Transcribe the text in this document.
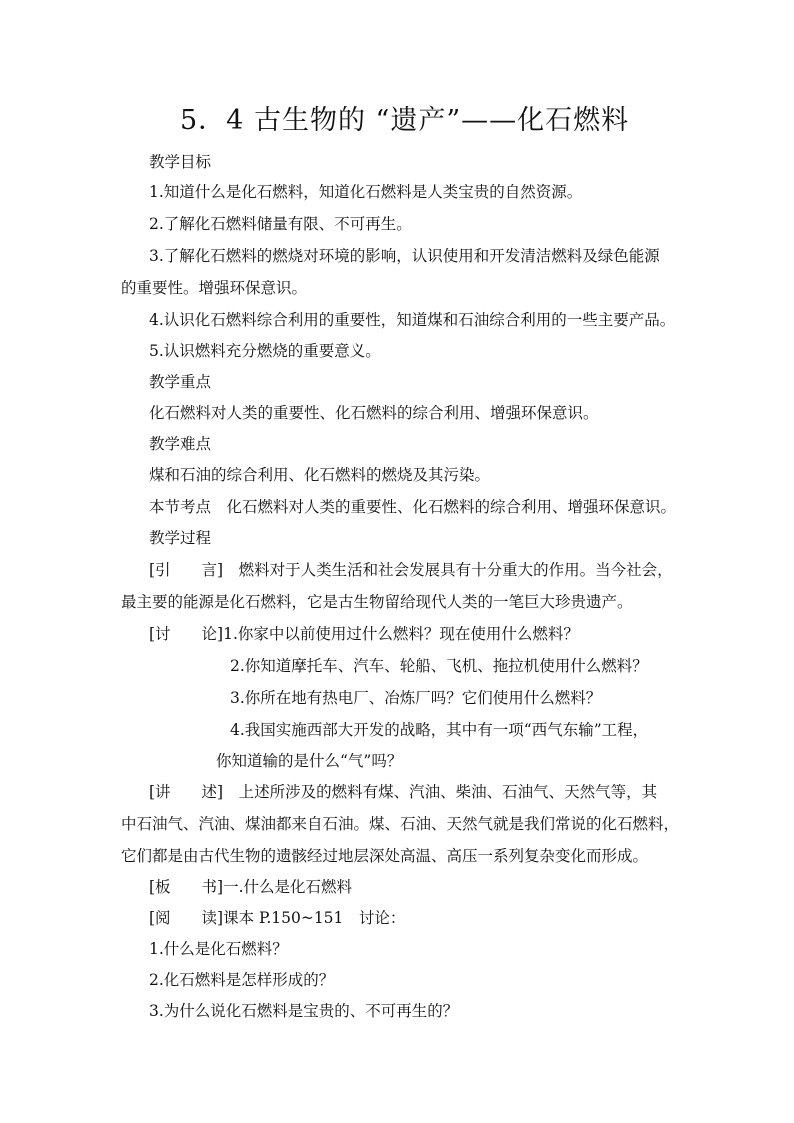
5．4 古生物的 “遗产”——化石燃料

教学目标

1.知道什么是化石燃料，知道化石燃料是人类宝贵的自然资源。

2.了解化石燃料储量有限、不可再生。

3.了解化石燃料的燃烧对环境的影响，认识使用和开发清洁燃料及绿色能源

的重要性。增强环保意识。

4.认识化石燃料综合利用的重要性，知道煤和石油综合利用的一些主要产品。

5.认识燃料充分燃烧的重要意义。

教学重点

化石燃料对人类的重要性、化石燃料的综合利用、增强环保意识。

教学难点

煤和石油的综合利用、化石燃料的燃烧及其污染。

本节考点　 化石燃料对人类的重要性、化石燃料的综合利用、增强环保意识。

教学过程

[引　　言]　 燃料对于人类生活和社会发展具有十分重大的作用。当今社会，

最主要的能源是化石燃料，它是古生物留给现代人类的一笔巨大珍贵遗产。

[讨　　论]1.你家中以前使用过什么燃料？现在使用什么燃料？

2.你知道摩托车、汽车、轮船、飞机、拖拉机使用什么燃料？

3.你所在地有热电厂、冶炼厂吗？它们使用什么燃料？

4.我国实施西部大开发的战略，其中有一项“西气东输”工程，

你知道输的是什么“气”吗？

[讲　　述]　 上述所涉及的燃料有煤、汽油、柴油、石油气、天然气等，其

中石油气、汽油、煤油都来自石油。煤、石油、天然气就是我们常说的化石燃料，

它们都是由古代生物的遗骸经过地层深处高温、高压一系列复杂变化而形成。

[板　　书]一.什么是化石燃料

[阅　　读]课本 P.150~151　讨论：

1.什么是化石燃料？

2.化石燃料是怎样形成的？

3.为什么说化石燃料是宝贵的、不可再生的？
